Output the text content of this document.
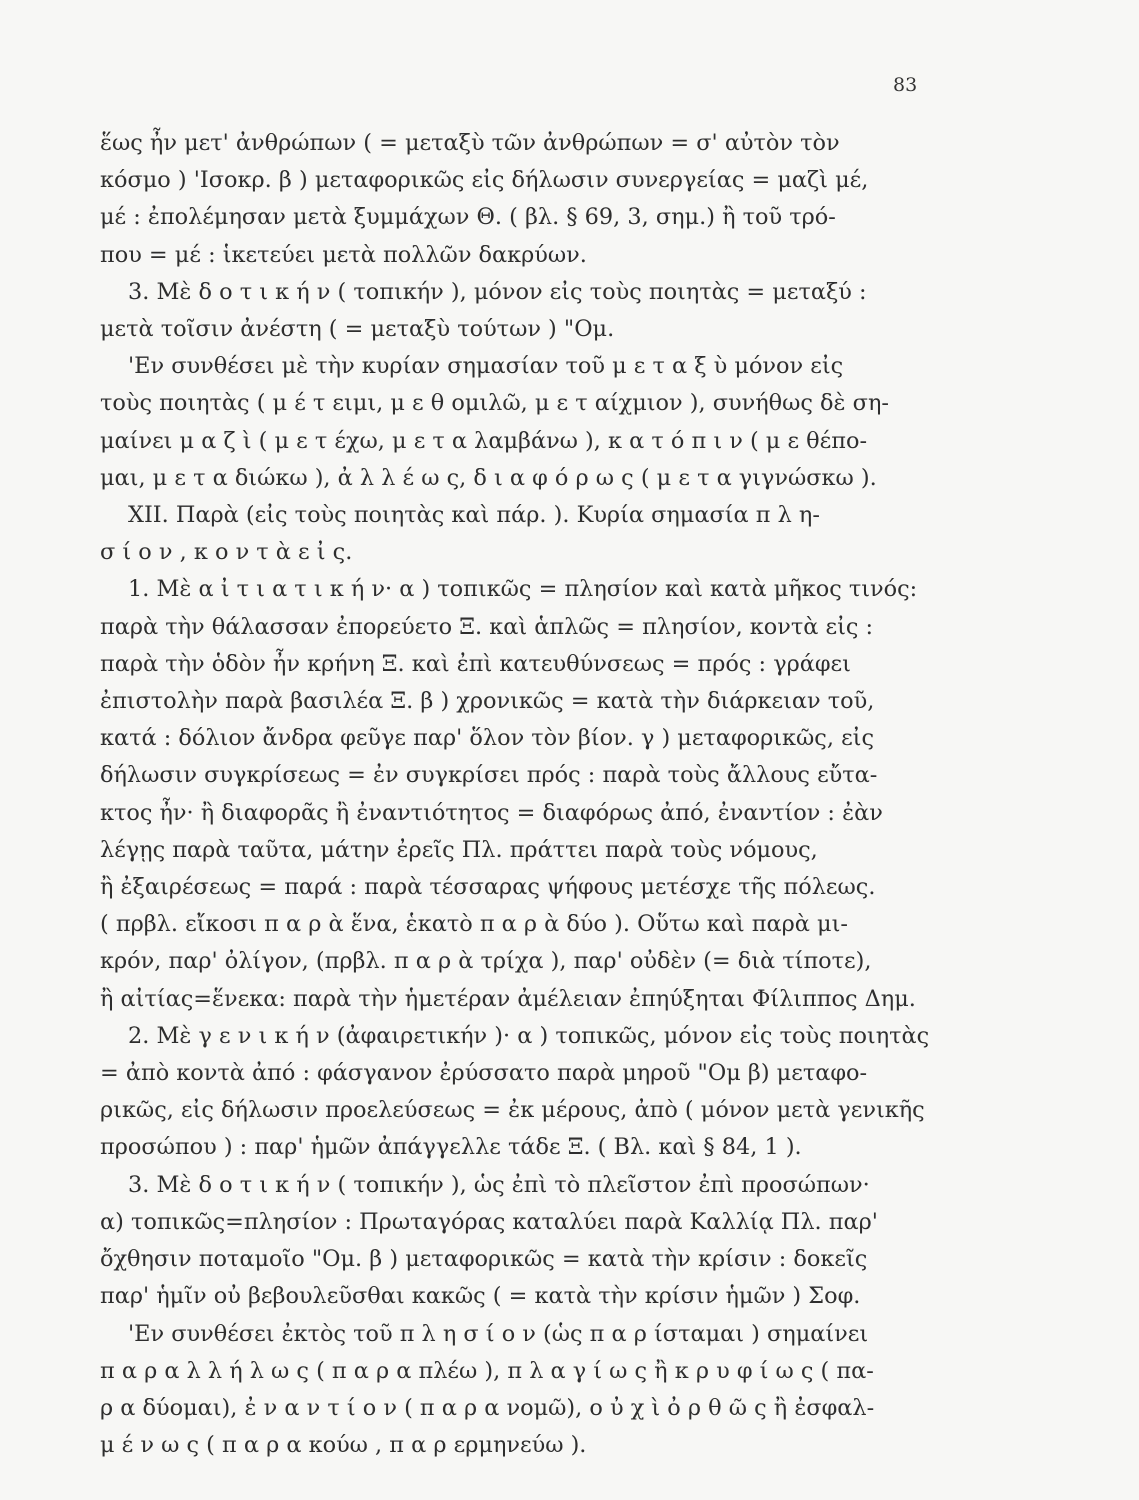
83
ἕως ἦν μετ' ἀνθρώπων ( = μεταξὺ τῶν ἀνθρώπων = σ' αὐτὸν τὸν
κόσμο ) 'Ισοκρ. β ) μεταφορικῶς εἰς δήλωσιν συνεργείας = μαζὶ μέ,
μέ : ἐπολέμησαν μετὰ ξυμμάχων Θ. ( βλ. § 69, 3, σημ.) ἢ τοῦ τρό-
που = μέ : ἱκετεύει μετὰ πολλῶν δακρύων.
3. Μὲ δ ο τ ι κ ή ν ( τοπικήν ), μόνον εἰς τοὺς ποιητὰς = μεταξύ :
μετὰ τοῖσιν ἀνέστη ( = μεταξὺ τούτων ) "Ομ.
'Εν συνθέσει μὲ τὴν κυρίαν σημασίαν τοῦ μ ε τ α ξ ὺ μόνον εἰς
τοὺς ποιητὰς ( μ έ τ ειμι, μ ε θ ομιλῶ, μ ε τ αίχμιον ), συνήθως δὲ ση-
μαίνει μ α ζ ὶ ( μ ε τ έχω, μ ε τ α λαμβάνω ), κ α τ ό π ι ν ( μ ε θέπο-
μαι, μ ε τ α διώκω ), ἀ λ λ έ ω ς, δ ι α φ ό ρ ω ς ( μ ε τ α γιγνώσκω ).
XII. Παρὰ (εἰς τοὺς ποιητὰς καὶ πάρ. ). Κυρία σημασία π λ η-
σ ί ο ν , κ ο ν τ ὰ ε ἰ ς.
1. Μὲ α ἰ τ ι α τ ι κ ή ν· α ) τοπικῶς = πλησίον καὶ κατὰ μῆκος τινός:
παρὰ τὴν θάλασσαν ἐπορεύετο Ξ. καὶ ἁπλῶς = πλησίον, κοντὰ εἰς :
παρὰ τὴν ὁδὸν ἦν κρήνη Ξ. καὶ ἐπὶ κατευθύνσεως = πρός : γράφει
ἐπιστολὴν παρὰ βασιλέα Ξ. β ) χρονικῶς = κατὰ τὴν διάρκειαν τοῦ,
κατά : δόλιον ἄνδρα φεῦγε παρ' ὅλον τὸν βίον. γ ) μεταφορικῶς, εἰς
δήλωσιν συγκρίσεως = ἐν συγκρίσει πρός : παρὰ τοὺς ἄλλους εὔτα-
κτος ἦν· ἢ διαφορᾶς ἢ ἐναντιότητος = διαφόρως ἀπό, ἐναντίον : ἐὰν
λέγῃς παρὰ ταῦτα, μάτην ἐρεῖς Πλ. πράττει παρὰ τοὺς νόμους,
ἢ ἐξαιρέσεως = παρά : παρὰ τέσσαρας ψήφους μετέσχε τῆς πόλεως.
( πρβλ. εἴκοσι π α ρ ὰ ἕνα, ἑκατὸ π α ρ ὰ δύο ). Οὕτω καὶ παρὰ μι-
κρόν, παρ' ὀλίγον, (πρβλ. π α ρ ὰ τρίχα ), παρ' οὐδὲν (= διὰ τίποτε),
ἢ αἰτίας=ἕνεκα: παρὰ τὴν ἡμετέραν ἀμέλειαν ἐπηύξηται Φίλιππος Δημ.
2. Μὲ γ ε ν ι κ ή ν (ἀφαιρετικήν )· α ) τοπικῶς, μόνον εἰς τοὺς ποιητὰς
= ἀπὸ κοντὰ ἀπό : φάσγανον ἐρύσσατο παρὰ μηροῦ "Ομ β) μεταφο-
ρικῶς, εἰς δήλωσιν προελεύσεως = ἐκ μέρους, ἀπὸ ( μόνον μετὰ γενικῆς
προσώπου ) : παρ' ἡμῶν ἀπάγγελλε τάδε Ξ. ( Βλ. καὶ § 84, 1 ).
3. Μὲ δ ο τ ι κ ή ν ( τοπικήν ), ὡς ἐπὶ τὸ πλεῖστον ἐπὶ προσώπων·
α) τοπικῶς=πλησίον : Πρωταγόρας καταλύει παρὰ Καλλίᾳ Πλ. παρ'
ὄχθησιν ποταμοῖο "Ομ. β ) μεταφορικῶς = κατὰ τὴν κρίσιν : δοκεῖς
παρ' ἡμῖν οὐ βεβουλεῦσθαι κακῶς ( = κατὰ τὴν κρίσιν ἡμῶν ) Σοφ.
'Εν συνθέσει ἐκτὸς τοῦ π λ η σ ί ο ν (ὡς π α ρ ίσταμαι ) σημαίνει
π α ρ α λ λ ή λ ω ς ( π α ρ α πλέω ), π λ α γ ί ω ς ἢ κ ρ υ φ ί ω ς ( πα-
ρ α δύομαι), ἐ ν α ν τ ί ο ν ( π α ρ α νομῶ), ο ὐ χ ὶ ὀ ρ θ ῶ ς ἢ ἐσφαλ-
μ έ ν ω ς ( π α ρ α κούω , π α ρ ερμηνεύω ).
